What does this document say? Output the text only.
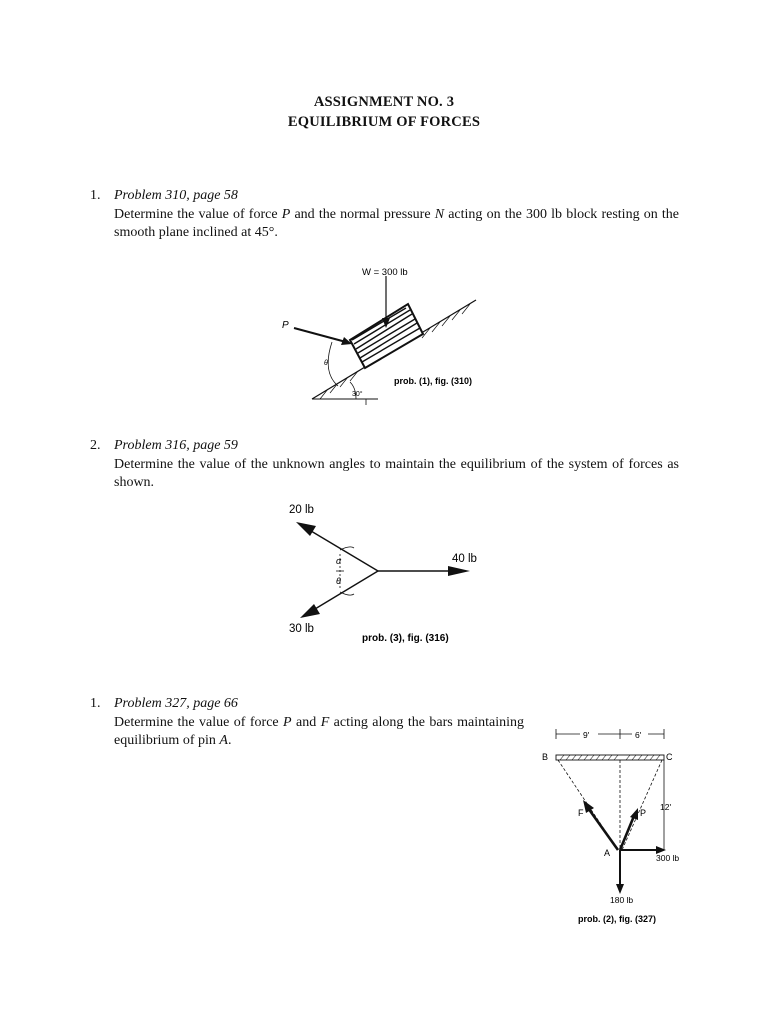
ASSIGNMENT NO. 3
EQUILIBRIUM OF FORCES
1. Problem 310, page 58
Determine the value of force P and the normal pressure N acting on the 300 lb block resting on the smooth plane inclined at 45°.
W = 300 lb
P
θ
30°
prob. (1), fig. (310)
2. Problem 316, page 59
Determine the value of the unknown angles to maintain the equilibrium of the system of forces as shown.
α
θ
20 lb
40 lb
30 lb
prob. (3), fig. (316)
1. Problem 327, page 66
Determine the value of force P and F acting along the bars maintaining equilibrium of pin A.	9'	6'
B	C
12'
F	P
A	300 lb
180 lb
prob. (2), fig. (327)
